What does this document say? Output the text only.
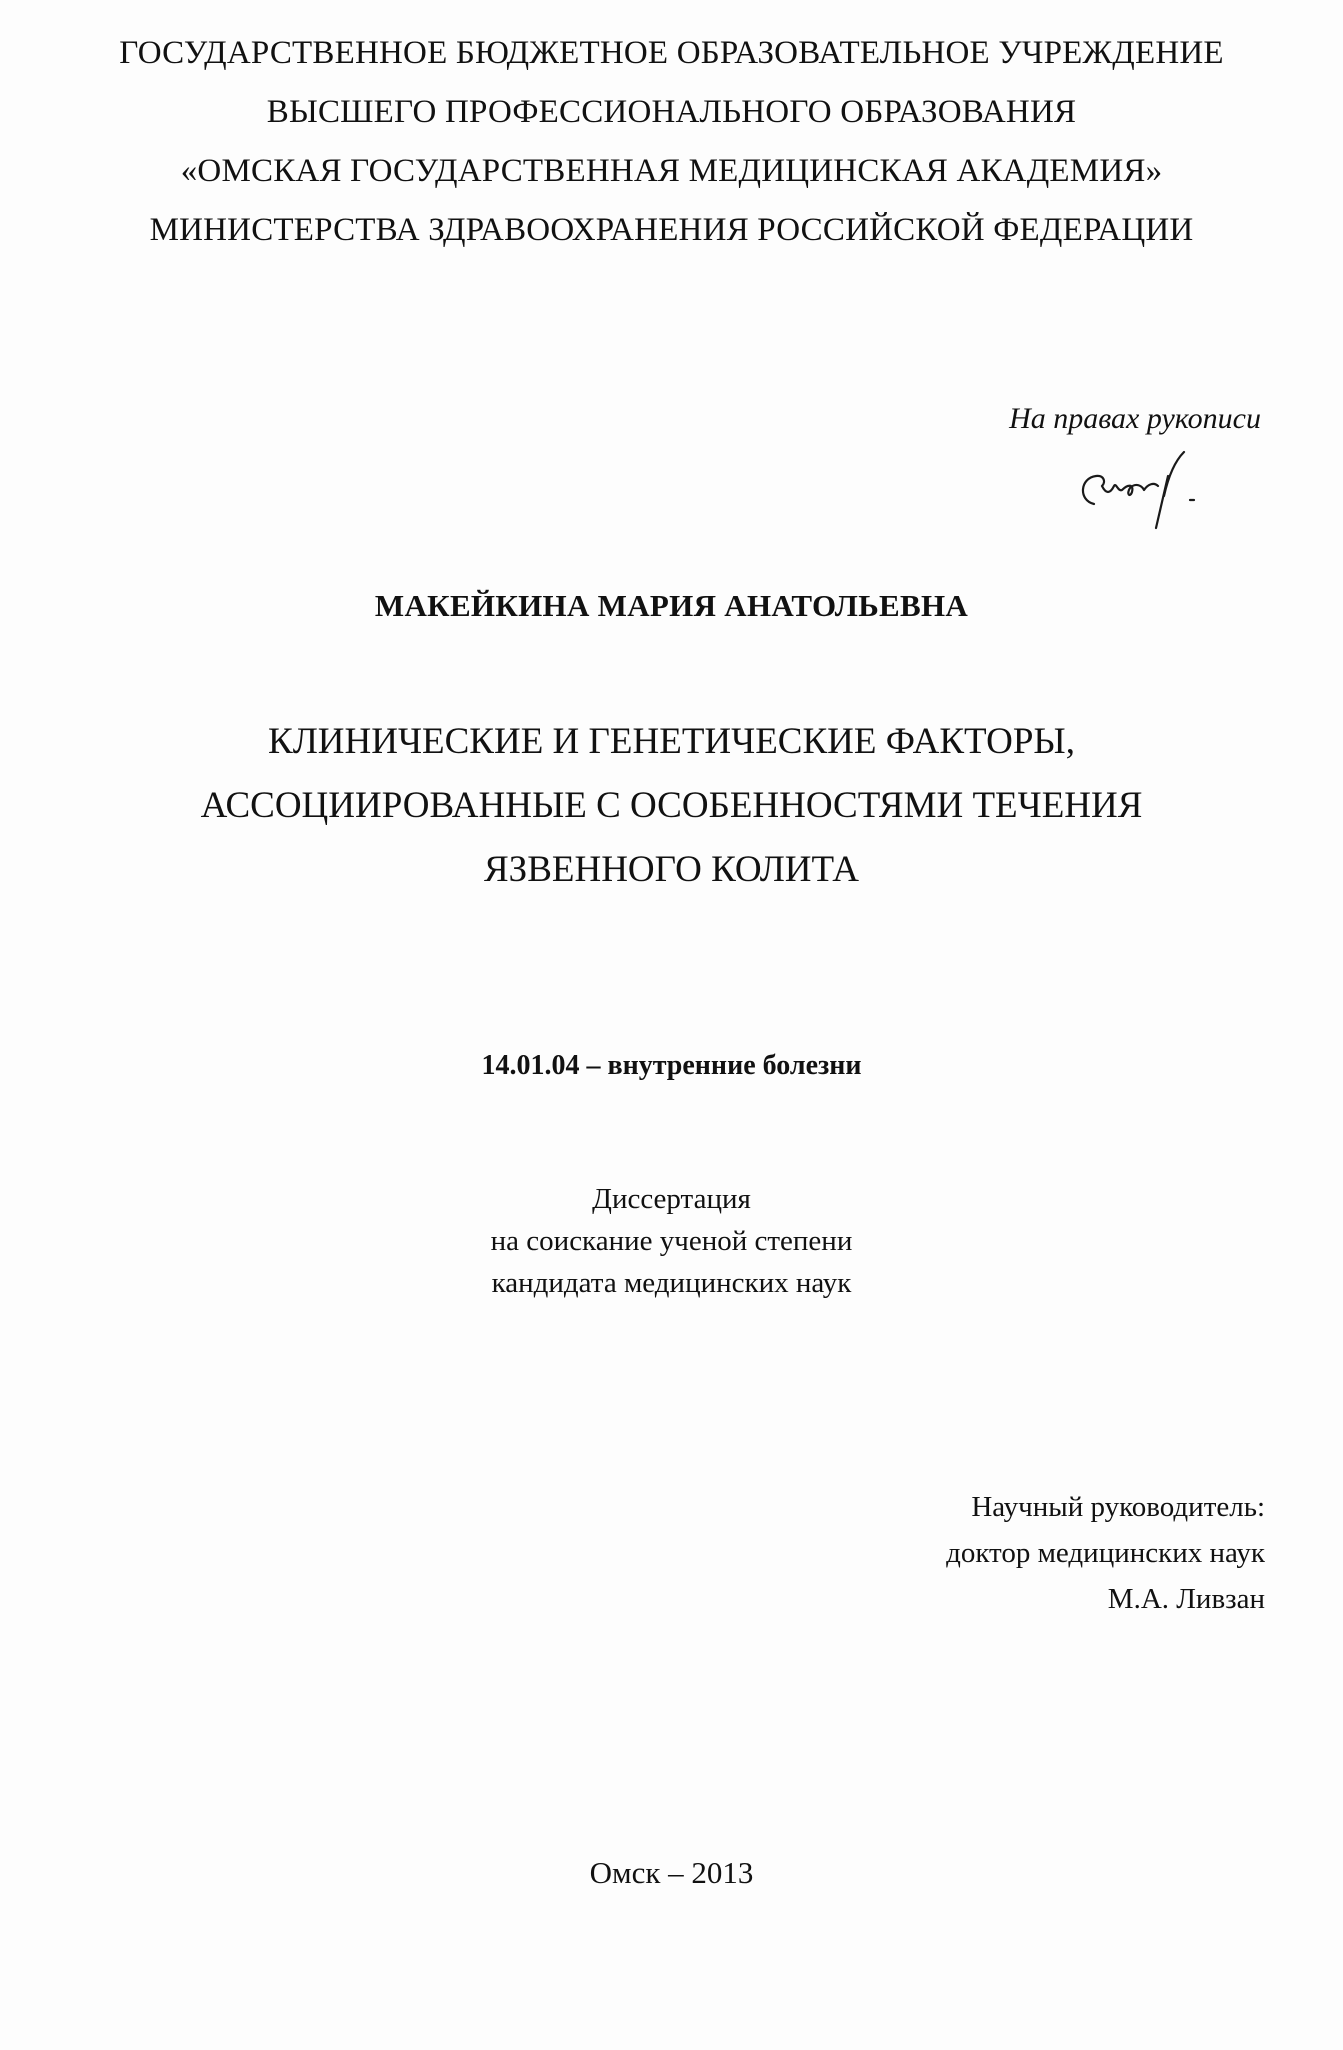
ГОСУДАРСТВЕННОЕ БЮДЖЕТНОЕ ОБРАЗОВАТЕЛЬНОЕ УЧРЕЖДЕНИЕ
ВЫСШЕГО ПРОФЕССИОНАЛЬНОГО ОБРАЗОВАНИЯ
«ОМСКАЯ ГОСУДАРСТВЕННАЯ МЕДИЦИНСКАЯ АКАДЕМИЯ»
МИНИСТЕРСТВА ЗДРАВООХРАНЕНИЯ РОССИЙСКОЙ ФЕДЕРАЦИИ
На правах рукописи
МАКЕЙКИНА МАРИЯ АНАТОЛЬЕВНА
КЛИНИЧЕСКИЕ И ГЕНЕТИЧЕСКИЕ ФАКТОРЫ,
АССОЦИИРОВАННЫЕ С ОСОБЕННОСТЯМИ ТЕЧЕНИЯ
ЯЗВЕННОГО КОЛИТА
14.01.04 – внутренние болезни
Диссертация
на соискание ученой степени
кандидата медицинских наук
Научный руководитель:
доктор медицинских наук
М.А. Ливзан
Омск – 2013
